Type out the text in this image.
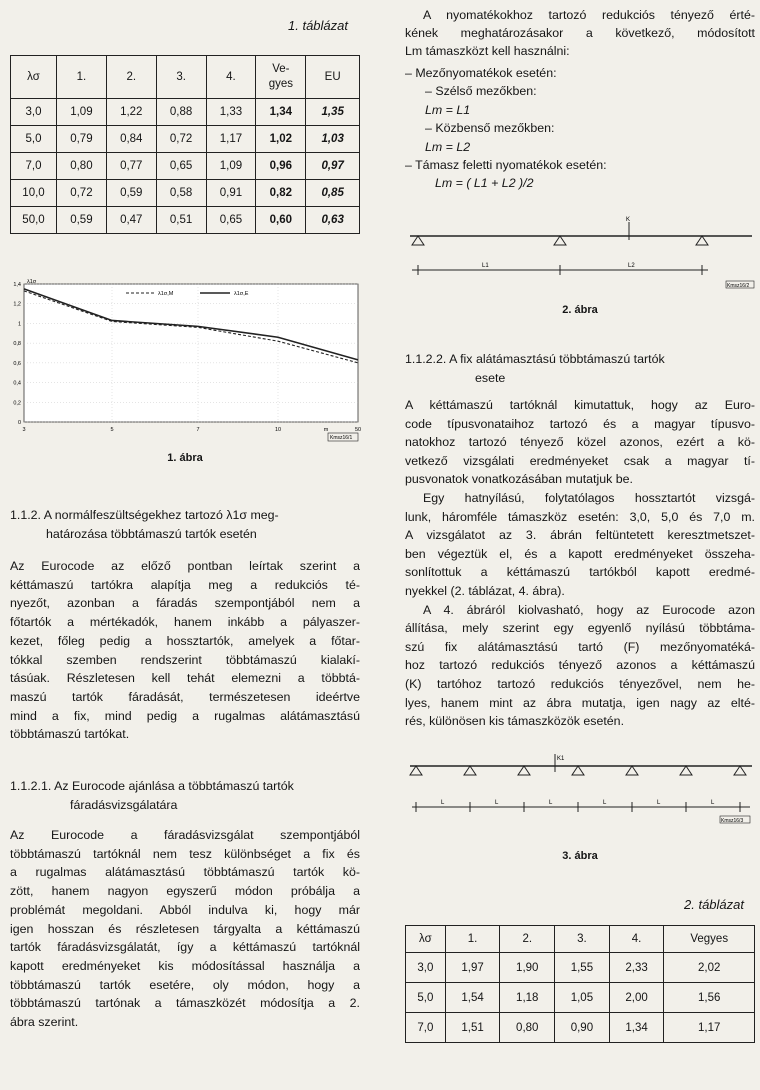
1. táblázat
λσ	1.	2.	3.	4.	Ve-
gyes	EU
3,0	1,09	1,22	0,88	1,33	1,34	1,35
5,0	0,79	0,84	0,72	1,17	1,02	1,03
7,0	0,80	0,77	0,65	1,09	0,96	0,97
10,0	0,72	0,59	0,58	0,91	0,82	0,85
50,0	0,59	0,47	0,51	0,65	0,60	0,63
1,4
1,2
1
0,8
0,6
0,4
0,2
0
3	5	7	10	m	50
λ1σ
λ1σ,M	λ1σ,E
Kmsz16/1
1. ábra
1.1.2. A normálfeszültségekhez tartozó λ1σ meg-
határozása többtámaszú tartók esetén
Az Eurocode az előző pontban leírtak szerint a
kéttámaszú tartókra alapítja meg a redukciós té-
nyezőt, azonban a fáradás szempontjából nem a
főtartók a mértékadók, hanem inkább a pályaszer-
kezet, főleg pedig a hossztartók, amelyek a főtar-
tókkal szemben rendszerint többtámaszú kialakí-
tásúak. Részletesen kell tehát elemezni a többtá-
maszú tartók fáradását, természetesen ideértve
mind a fix, mind pedig a rugalmas alátámasztású
többtámaszú tartókat.
1.1.2.1. Az Eurocode ajánlása a többtámaszú tartók
fáradásvizsgálatára
Az Eurocode a fáradásvizsgálat szempontjából
többtámaszú tartóknál nem tesz különbséget a fix és
a rugalmas alátámasztású többtámaszú tartók kö-
zött, hanem nagyon egyszerű módon próbálja a
problémát megoldani. Abból indulva ki, hogy már
igen hosszan és részletesen tárgyalta a kéttámaszú
tartók fáradásvizsgálatát, így a kéttámaszú tartóknál
kapott eredményeket kis módosítással használja a
többtámaszú tartók esetére, oly módon, hogy a
többtámaszú tartónak a támaszközét módosítja a 2.
ábra szerint.
A nyomatékokhoz tartozó redukciós tényező érté-
kének meghatározásakor a következő, módosított
Lm támaszközt kell használni:
– Mezőnyomatékok esetén:
– Szélső mezőkben:
Lm = L1
– Közbenső mezőkben:
Lm = L2
– Támasz feletti nyomatékok esetén:
Lm = ( L1 + L2 )/2
K
L1	L2
Kmsz16/2
2. ábra
1.1.2.2. A fix alátámasztású többtámaszú tartók
esete
A kéttámaszú tartóknál kimutattuk, hogy az Euro-
code típusvonataihoz tartozó és a magyar típusvo-
natokhoz tartozó tényező közel azonos, ezért a kö-
vetkező vizsgálati eredményeket csak a magyar tí-
pusvonatok vonatkozásában mutatjuk be.
Egy hatnyílású, folytatólagos hossztartót vizsgá-
lunk, háromféle támaszköz esetén: 3,0, 5,0 és 7,0 m.
A vizsgálatot az 3. ábrán feltüntetett keresztmetszet-
ben végeztük el, és a kapott eredményeket összeha-
sonlítottuk a kéttámaszú tartókból kapott eredmé-
nyekkel (2. táblázat, 4. ábra).
A 4. ábráról kiolvasható, hogy az Eurocode azon
állítása, mely szerint egy egyenlő nyílású többtáma-
szú fix alátámasztású tartó (F) mezőnyomatéká-
hoz tartozó redukciós tényező azonos a kéttámaszú
(K) tartóhoz tartozó redukciós tényezővel, nem he-
lyes, hanem mint az ábra mutatja, igen nagy az elté-
rés, különösen kis támaszközök esetén.
K1
L	L	L	L	L	L
Kmsz16/3
3. ábra
2. táblázat
λσ	1.	2.	3.	4.	Vegyes
3,0	1,97	1,90	1,55	2,33	2,02
5,0	1,54	1,18	1,05	2,00	1,56
7,0	1,51	0,80	0,90	1,34	1,17
